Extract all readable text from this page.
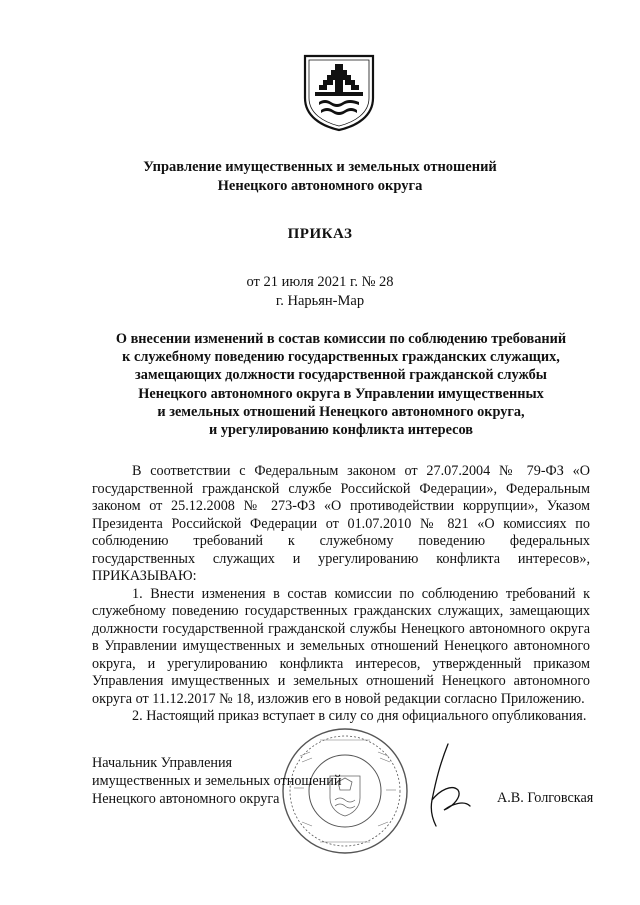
Управление имущественных и земельных отношений
Ненецкого автономного округа
ПРИКАЗ
от 21 июля 2021 г. № 28
г. Нарьян-Мар
О внесении изменений в состав комиссии по соблюдению требований
к служебному поведению государственных гражданских служащих,
замещающих должности государственной гражданской службы
Ненецкого автономного округа в Управлении имущественных
и земельных отношений Ненецкого автономного округа,
и урегулированию конфликта интересов

В соответствии с Федеральным законом от 27.07.2004 № 79-ФЗ «О государственной гражданской службе Российской Федерации», Федеральным законом от 25.12.2008 № 273-ФЗ «О противодействии коррупции», Указом Президента Российской Федерации от 01.07.2010 № 821 «О комиссиях по соблюдению требований к служебному поведению федеральных государственных служащих и урегулированию конфликта интересов», ПРИКАЗЫВАЮ:

1. Внести изменения в состав комиссии по соблюдению требований к служебному поведению государственных гражданских служащих, замещающих должности государственной гражданской службы Ненецкого автономного округа в Управлении имущественных и земельных отношений Ненецкого автономного округа, и урегулированию конфликта интересов, утвержденный приказом Управления имущественных и земельных отношений Ненецкого автономного округа от 11.12.2017 № 18, изложив его в новой редакции согласно Приложению.

2. Настоящий приказ вступает в силу со дня официального опубликования.

Начальник Управления
имущественных и земельных отношений
Ненецкого автономного округа	А.В. Голговская
